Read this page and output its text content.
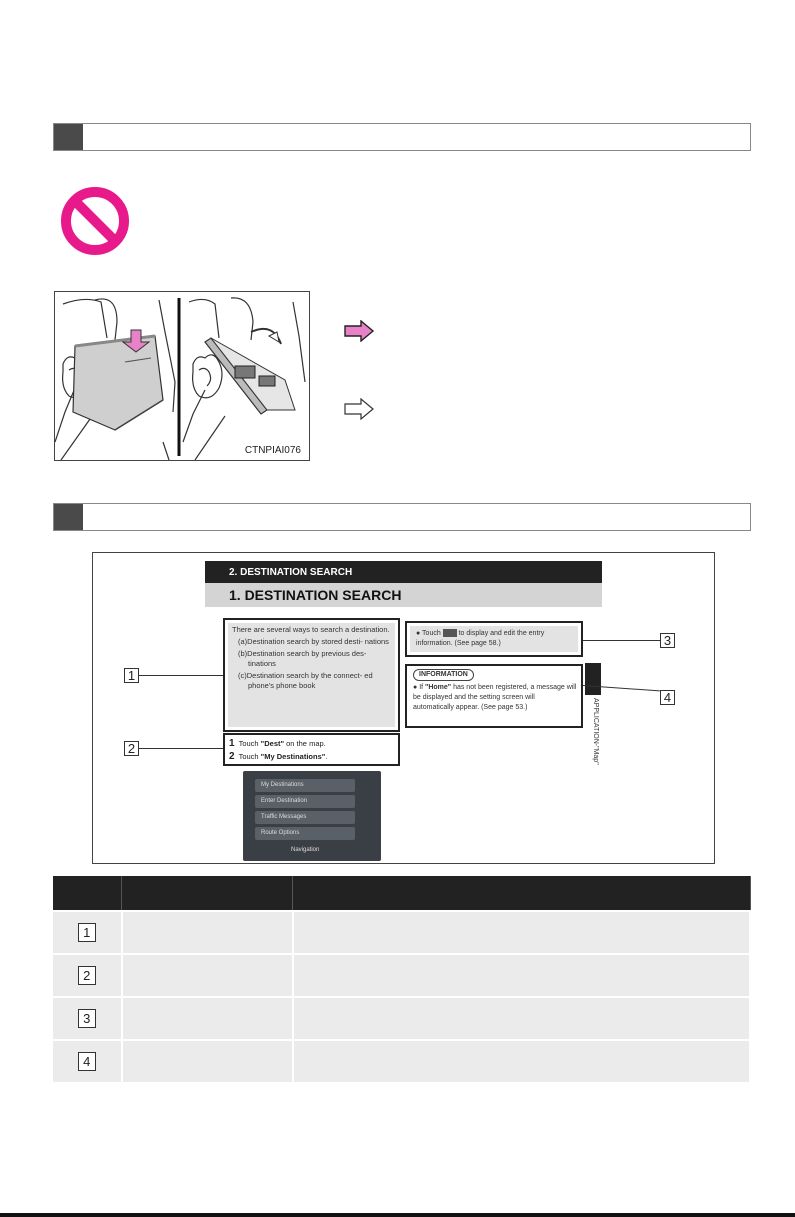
CTNPIAI076
2. DESTINATION SEARCH
1. DESTINATION SEARCH

There are several ways to search a destination.

(a)Destination search by stored desti- nations

(b)Destination search by previous des- tinations

(c)Destination search by the connect- ed phone's phone book

1 Touch "Dest" on the map.
2 Touch "My Destinations".
● Touch  to display and edit the entry information. (See page 58.)
INFORMATION
● If "Home" has not been registered, a message will be displayed and the setting screen will automatically appear. (See page 53.)	APPLICATION-"Map"
My Destinations
Enter Destination
Traffic Messages
Route Options
Navigation
1
2
3
4

1		
2		
3		
4		
